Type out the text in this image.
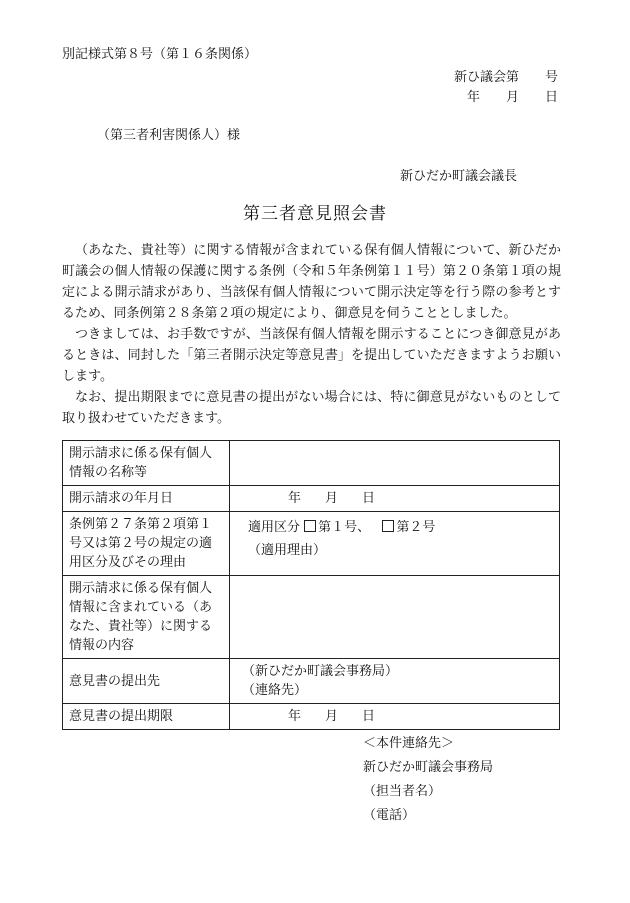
別記様式第８号（第１６条関係）
新ひ議会第　　号
年　　月　　日
（第三者利害関係人）様
新ひだか町議会議長
第三者意見照会書

（あなた、貴社等）に関する情報が含まれている保有個人情報について、新ひだか町議会の個人情報の保護に関する条例（令和５年条例第１１号）第２０条第１項の規定による開示請求があり、当該保有個人情報について開示決定等を行う際の参考とするため、同条例第２８条第２項の規定により、御意見を伺うこととしました。

つきましては、お手数ですが、当該保有個人情報を開示することにつき御意見があるときは、同封した「第三者開示決定等意見書」を提出していただきますようお願いします。

なお、提出期限までに意見書の提出がない場合には、特に御意見がないものとして取り扱わせていただきます。

開示請求に係る保有個人情報の名称等	
開示請求の年月日	年 月 日
条例第２７条第２項第１号又は第２号の規定の適用区分及びその理由	適用区分 第１号、 第２号
（適用理由）

開示請求に係る保有個人情報に含まれている（あなた、貴社等）に関する情報の内容	
意見書の提出先	（新ひだか町議会事務局）
（連絡先）

意見書の提出期限	年 月 日
＜本件連絡先＞
新ひだか町議会事務局
（担当者名）
（電話）
